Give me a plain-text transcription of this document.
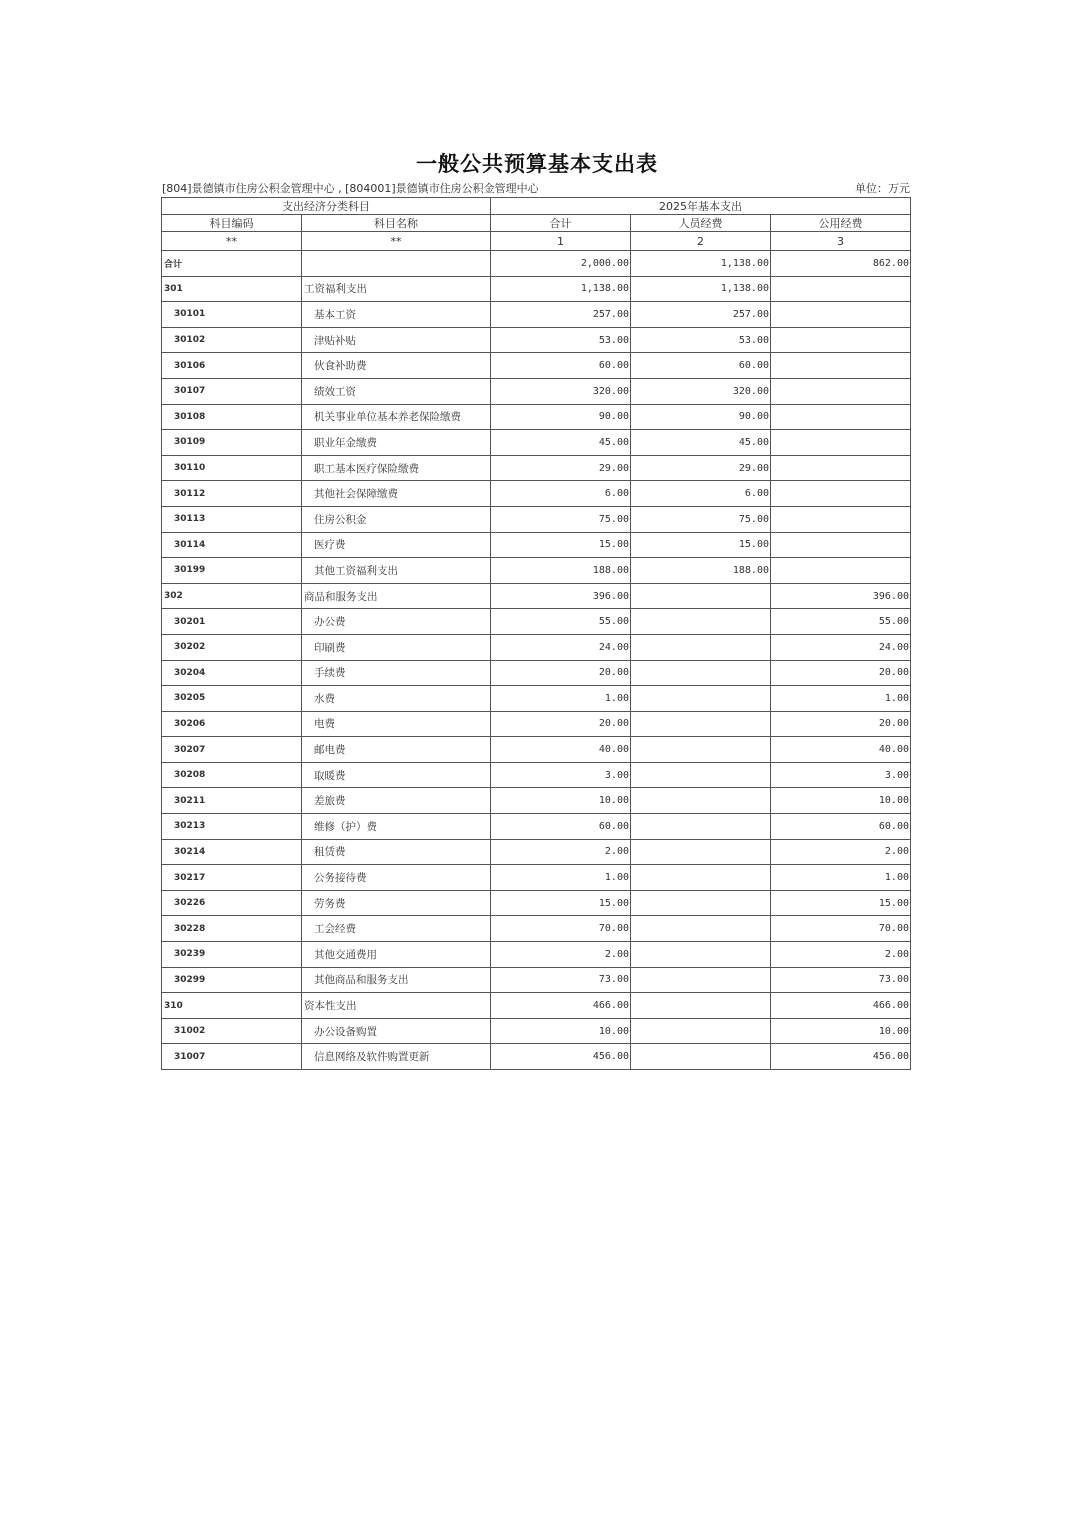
一般公共预算基本支出表
[804]景德镇市住房公积金管理中心 , [804001]景德镇市住房公积金管理中心	单位：万元
支出经济分类科目		2025年基本支出		
科目编码	科目名称	合计	人员经费	公用经费
**	**	1	2	3
合计		2,000.00	1,138.00	862.00
301	工资福利支出	1,138.00	1,138.00	
30101	基本工资	257.00	257.00	
30102	津贴补贴	53.00	53.00	
30106	伙食补助费	60.00	60.00	
30107	绩效工资	320.00	320.00	
30108	机关事业单位基本养老保险缴费	90.00	90.00	
30109	职业年金缴费	45.00	45.00	
30110	职工基本医疗保险缴费	29.00	29.00	
30112	其他社会保障缴费	6.00	6.00	
30113	住房公积金	75.00	75.00	
30114	医疗费	15.00	15.00	
30199	其他工资福利支出	188.00	188.00	
302	商品和服务支出	396.00		396.00
30201	办公费	55.00		55.00
30202	印刷费	24.00		24.00
30204	手续费	20.00		20.00
30205	水费	1.00		1.00
30206	电费	20.00		20.00
30207	邮电费	40.00		40.00
30208	取暖费	3.00		3.00
30211	差旅费	10.00		10.00
30213	维修（护）费	60.00		60.00
30214	租赁费	2.00		2.00
30217	公务接待费	1.00		1.00
30226	劳务费	15.00		15.00
30228	工会经费	70.00		70.00
30239	其他交通费用	2.00		2.00
30299	其他商品和服务支出	73.00		73.00
310	资本性支出	466.00		466.00
31002	办公设备购置	10.00		10.00
31007	信息网络及软件购置更新	456.00		456.00
